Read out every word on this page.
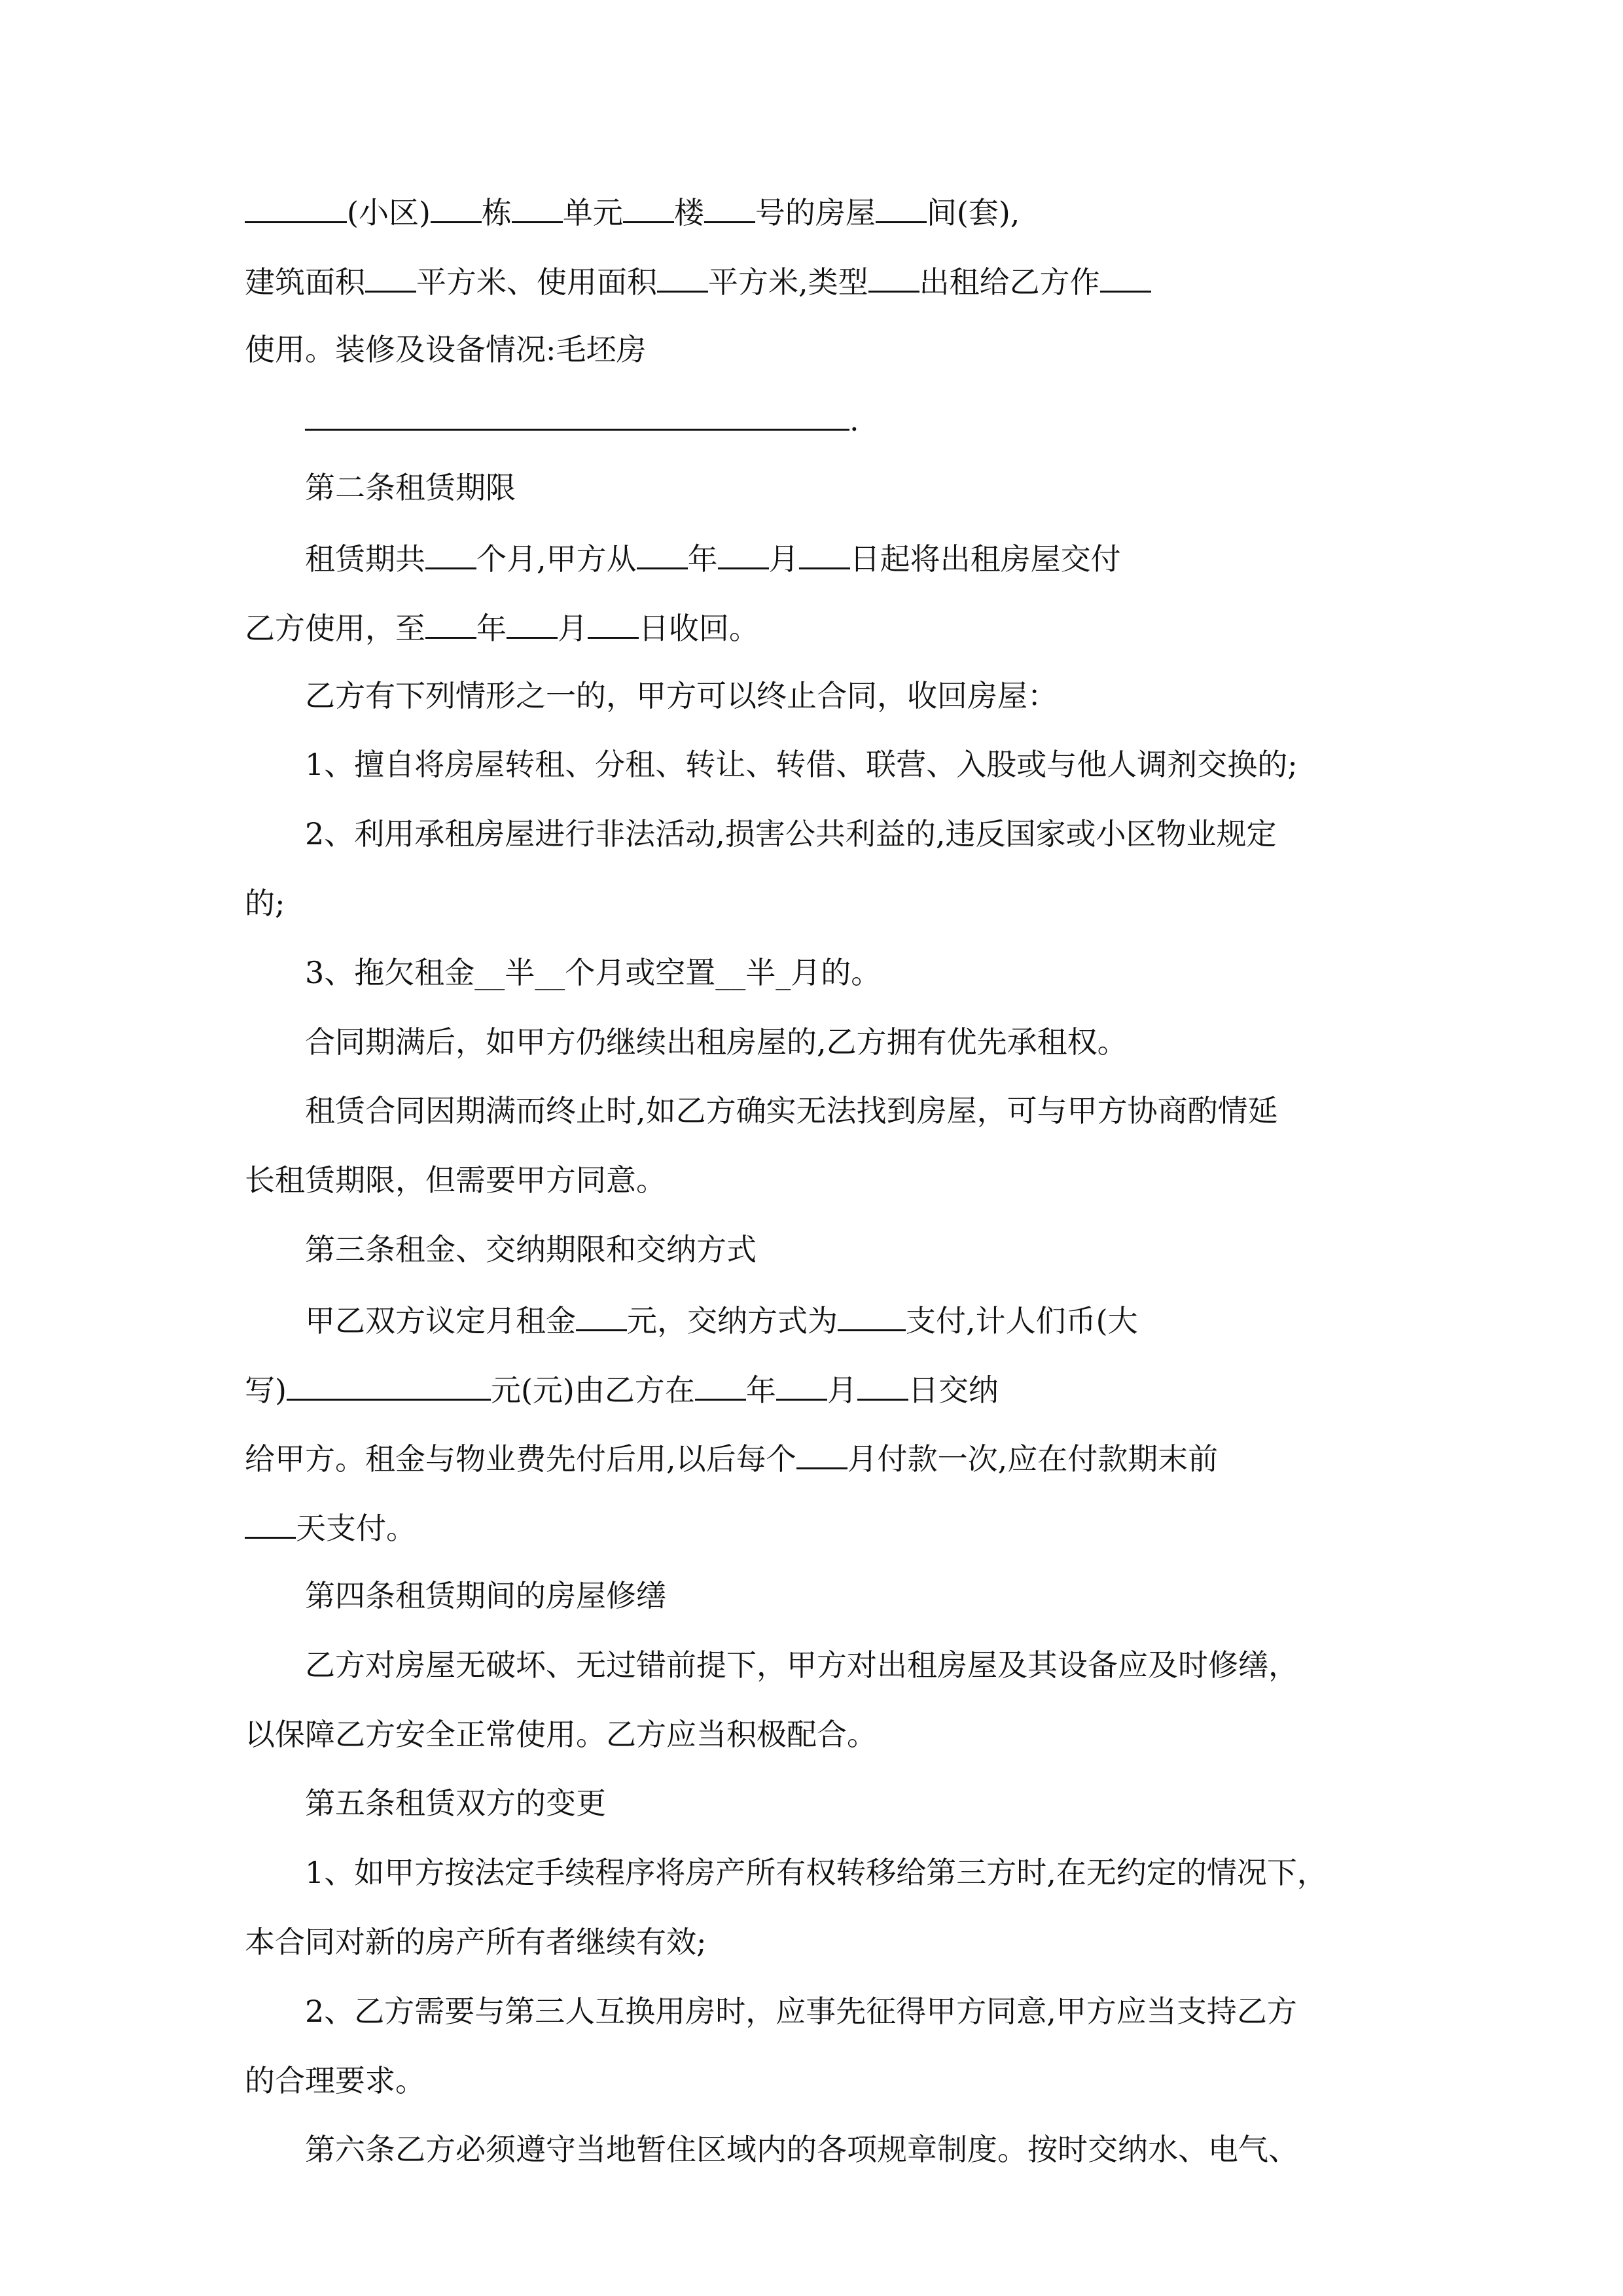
(小区) 栋 单元 楼 号的房屋 间(套),
建筑面积 平方米、使用面积 平方米,类型 出租给乙方作
使用。装修及设备情况:毛坯房
.
第二条租赁期限
租赁期共 个月,甲方从 年 月 日起将出租房屋交付
乙方使用，至 年 月 日收回。
乙方有下列情形之一的，甲方可以终止合同，收回房屋：
1、擅自将房屋转租、分租、转让、转借、联营、入股或与他人调剂交换的;
2、利用承租房屋进行非法活动,损害公共利益的,违反国家或小区物业规定
的;
3、拖欠租金__半__个月或空置__半_月的。
合同期满后，如甲方仍继续出租房屋的,乙方拥有优先承租权。
租赁合同因期满而终止时,如乙方确实无法找到房屋，可与甲方协商酌情延
长租赁期限，但需要甲方同意。
第三条租金、交纳期限和交纳方式
甲乙双方议定月租金 元，交纳方式为 支付,计人们币(大
写)	元(元)由乙方在 年 月 日交纳
给甲方。租金与物业费先付后用,以后每个 月付款一次,应在付款期末前
天支付。
第四条租赁期间的房屋修缮
乙方对房屋无破坏、无过错前提下，甲方对出租房屋及其设备应及时修缮，
以保障乙方安全正常使用。乙方应当积极配合。
第五条租赁双方的变更
1、如甲方按法定手续程序将房产所有权转移给第三方时,在无约定的情况下，
本合同对新的房产所有者继续有效;
2、乙方需要与第三人互换用房时，应事先征得甲方同意,甲方应当支持乙方
的合理要求。
第六条乙方必须遵守当地暂住区域内的各项规章制度。按时交纳水、电气、
